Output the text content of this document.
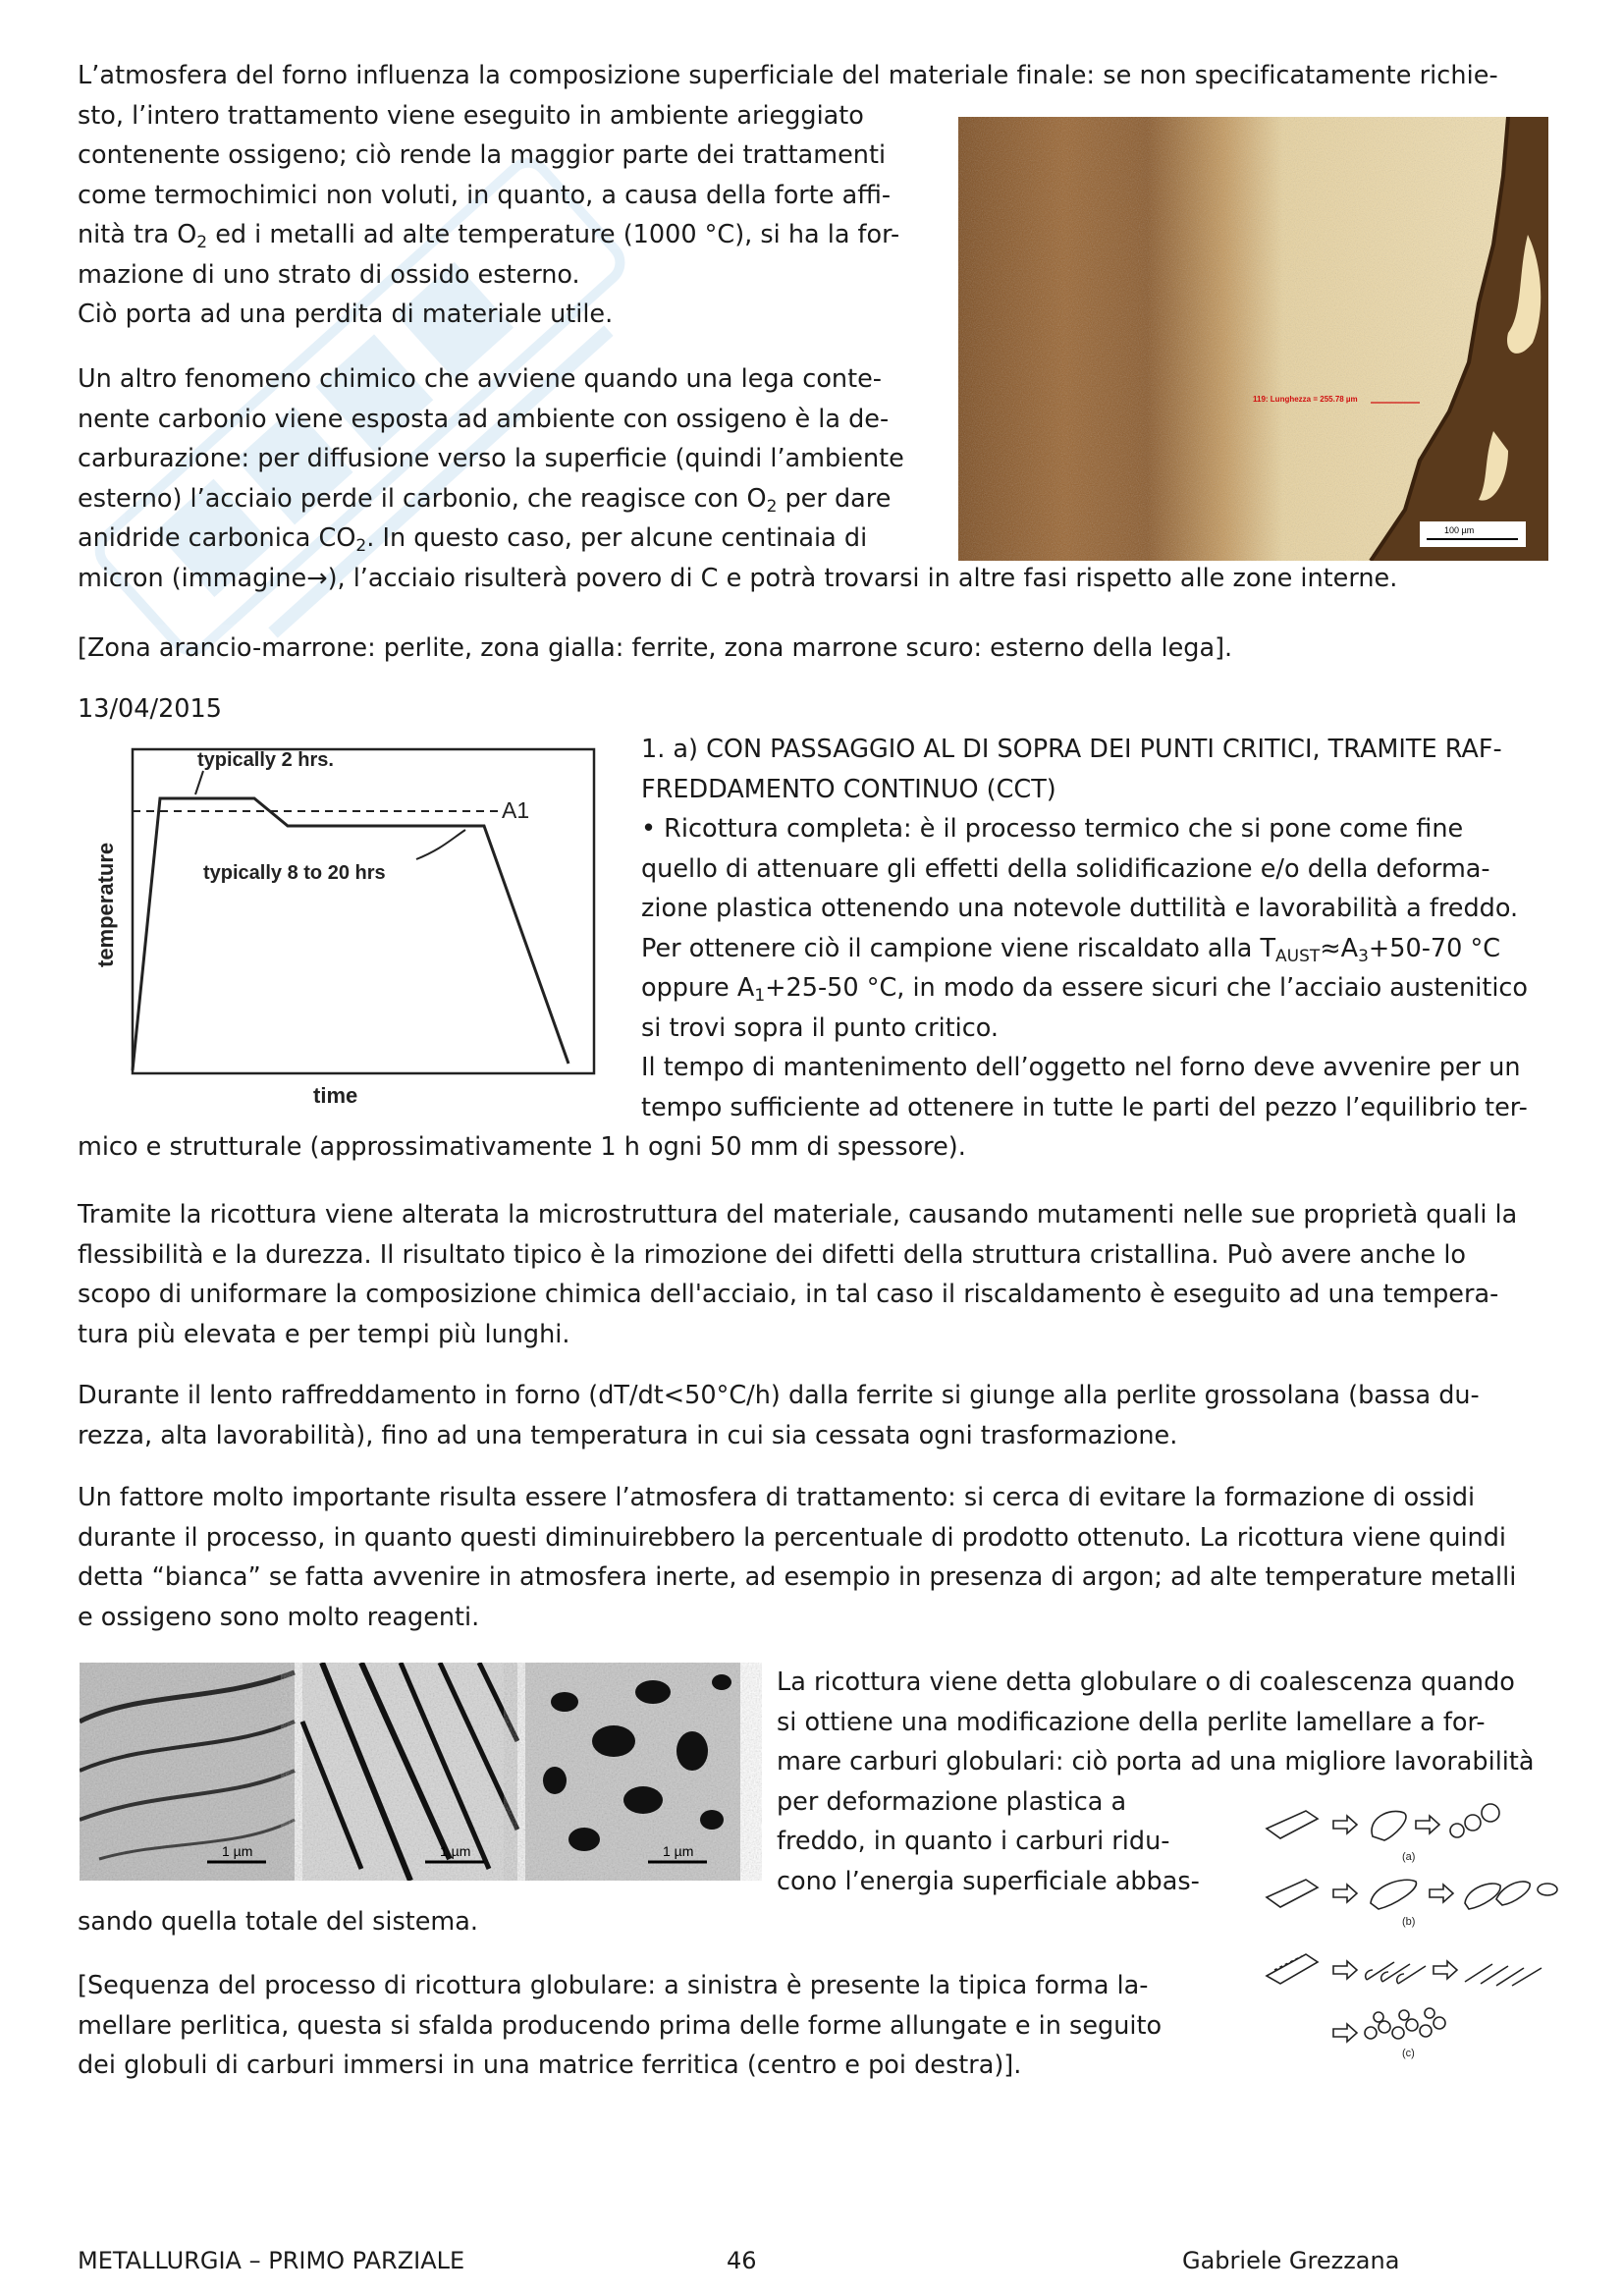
L’atmosfera del forno influenza la composizione superficiale del materiale finale: se non specificatamente richie-
sto, l’intero trattamento viene eseguito in ambiente arieggiato
contenente ossigeno; ciò rende la maggior parte dei trattamenti
come termochimici non voluti, in quanto, a causa della forte affi-
nità tra $O_2$ ed i metalli ad alte temperature (1000 °C), si ha la for-
mazione di uno strato di ossido esterno.
Ciò porta ad una perdita di materiale utile.
Un altro fenomeno chimico che avviene quando una lega conte-
nente carbonio viene esposta ad ambiente con ossigeno è la de-
carburazione: per diffusione verso la superficie (quindi l’ambiente
esterno) l’acciaio perde il carbonio, che reagisce con $O_2$ per dare
anidride carbonica $CO_2$. In questo caso, per alcune centinaia di
micron (immagine→), l’acciaio risulterà povero di C e potrà trovarsi in altre fasi rispetto alle zone interne.
119: Lunghezza = 255.78 µm
100 µm
[Zona arancio-marrone: perlite, zona gialla: ferrite, zona marrone scuro: esterno della lega].
13/04/2015
A1
typically 2 hrs.
typically 8 to 20 hrs
time
temperature
1. a) CON PASSAGGIO AL DI SOPRA DEI PUNTI CRITICI, TRAMITE RAF-
FREDDAMENTO CONTINUO (CCT)
• Ricottura completa: è il processo termico che si pone come fine
quello di attenuare gli effetti della solidificazione e/o della deforma-
zione plastica ottenendo una notevole duttilità e lavorabilità a freddo.
Per ottenere ciò il campione viene riscaldato alla $T_{AUST}\approx A_3+50-70$ °C
oppure $A_1+25-50$ °C, in modo da essere sicuri che l’acciaio austenitico
si trovi sopra il punto critico.
Il tempo di mantenimento dell’oggetto nel forno deve avvenire per un
tempo sufficiente ad ottenere in tutte le parti del pezzo l’equilibrio ter-
mico e strutturale (approssimativamente 1 h ogni 50 mm di spessore).
Tramite la ricottura viene alterata la microstruttura del materiale, causando mutamenti nelle sue proprietà quali la
flessibilità e la durezza. Il risultato tipico è la rimozione dei difetti della struttura cristallina. Può avere anche lo
scopo di uniformare la composizione chimica dell'acciaio, in tal caso il riscaldamento è eseguito ad una tempera-
tura più elevata e per tempi più lunghi.
Durante il lento raffreddamento in forno (dT/dt<50°C/h) dalla ferrite si giunge alla perlite grossolana (bassa du-
rezza, alta lavorabilità), fino ad una temperatura in cui sia cessata ogni trasformazione.
Un fattore molto importante risulta essere l’atmosfera di trattamento: si cerca di evitare la formazione di ossidi
durante il processo, in quanto questi diminuirebbero la percentuale di prodotto ottenuto. La ricottura viene quindi
detta “bianca” se fatta avvenire in atmosfera inerte, ad esempio in presenza di argon; ad alte temperature metalli
e ossigeno sono molto reagenti.
1 µm	1 µm	1 µm
La ricottura viene detta globulare o di coalescenza quando
si ottiene una modificazione della perlite lamellare a for-
mare carburi globulari: ciò porta ad una migliore lavorabilità
per deformazione plastica a
freddo, in quanto i carburi ridu-
cono l’energia superficiale abbas-
sando quella totale del sistema.
(a)
(b)
(c)
[Sequenza del processo di ricottura globulare: a sinistra è presente la tipica forma la-
mellare perlitica, questa si sfalda producendo prima delle forme allungate e in seguito
dei globuli di carburi immersi in una matrice ferritica (centro e poi destra)].
METALLURGIA – PRIMO PARZIALE	46	Gabriele Grezzana
